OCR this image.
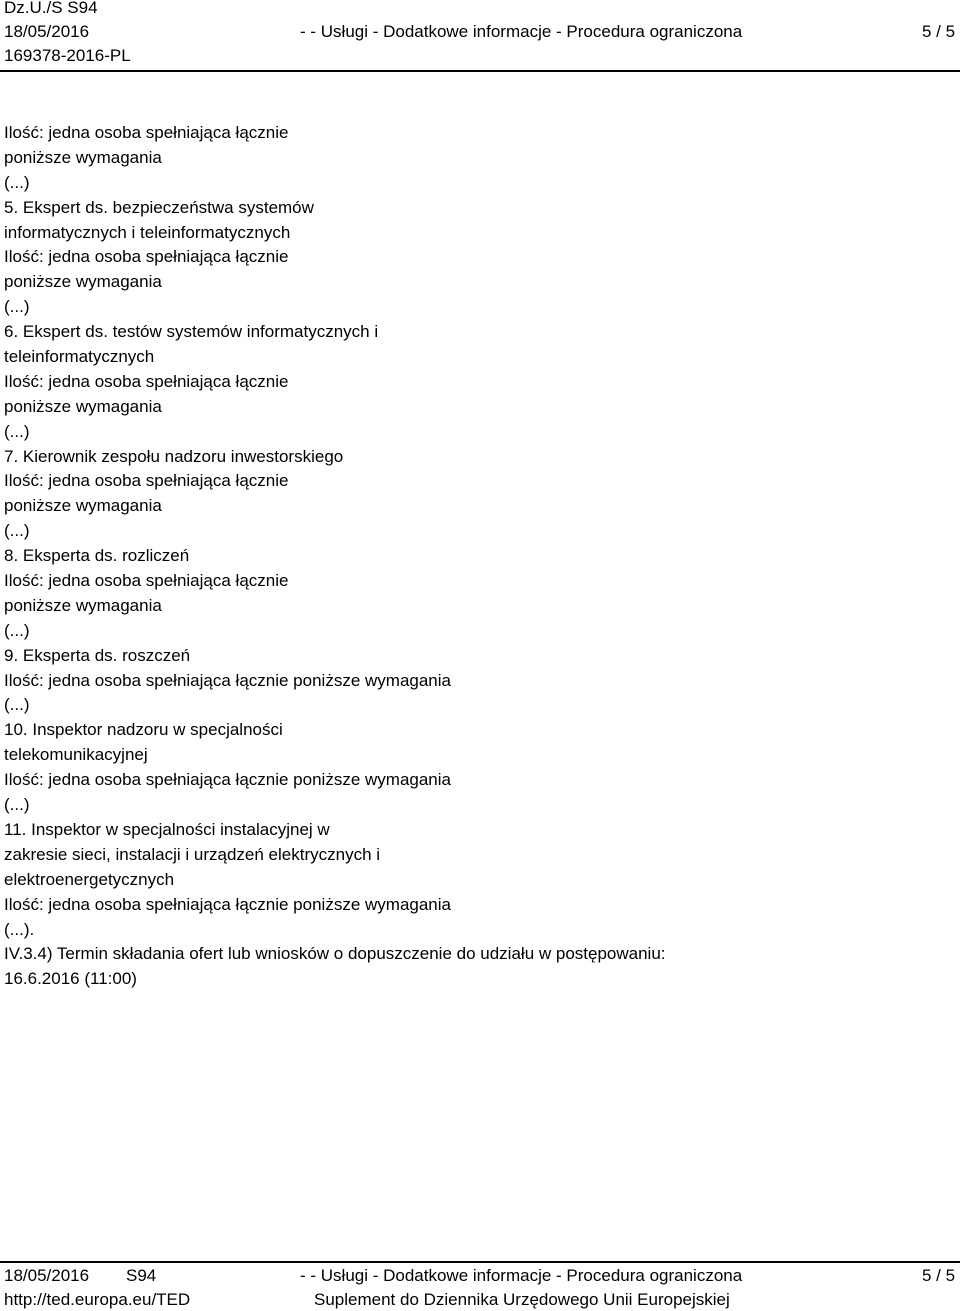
Dz.U./S S94
18/05/2016	- - Usługi - Dodatkowe informacje - Procedura ograniczona	5 / 5
169378-2016-PL
Ilość: jedna osoba spełniająca łącznie
poniższe wymagania
(...)
5. Ekspert ds. bezpieczeństwa systemów
informatycznych i teleinformatycznych
Ilość: jedna osoba spełniająca łącznie
poniższe wymagania
(...)
6. Ekspert ds. testów systemów informatycznych i
teleinformatycznych
Ilość: jedna osoba spełniająca łącznie
poniższe wymagania
(...)
7. Kierownik zespołu nadzoru inwestorskiego
Ilość: jedna osoba spełniająca łącznie
poniższe wymagania
(...)
8. Eksperta ds. rozliczeń
Ilość: jedna osoba spełniająca łącznie
poniższe wymagania
(...)
9. Eksperta ds. roszczeń
Ilość: jedna osoba spełniająca łącznie poniższe wymagania
(...)
10. Inspektor nadzoru w specjalności
telekomunikacyjnej
Ilość: jedna osoba spełniająca łącznie poniższe wymagania
(...)
11. Inspektor w specjalności instalacyjnej w
zakresie sieci, instalacji i urządzeń elektrycznych i
elektroenergetycznych
Ilość: jedna osoba spełniająca łącznie poniższe wymagania
(...).
IV.3.4) Termin składania ofert lub wniosków o dopuszczenie do udziału w postępowaniu:
16.6.2016 (11:00)
18/05/2016 S94	- - Usługi - Dodatkowe informacje - Procedura ograniczona	5 / 5
http://ted.europa.eu/TED	Suplement do Dziennika Urzędowego Unii Europejskiej
